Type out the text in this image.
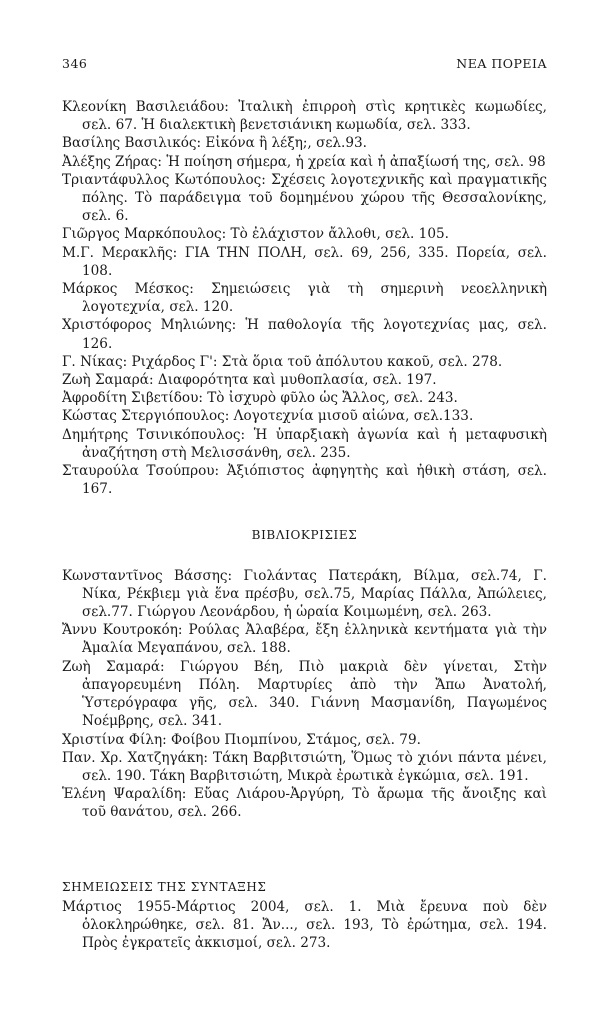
346	ΝΕΑ ΠΟΡΕΙΑ
Κλεονίκη Βασιλειάδου: Ἰταλικὴ ἐπιρροὴ στὶς κρητικὲς κωμωδίες, σελ. 67. Ἡ διαλεκτικὴ βενετσιάνικη κωμωδία, σελ. 333.
Βασίλης Βασιλικός: Εἰκόνα ἢ λέξη;, σελ.93.
Ἀλέξης Ζήρας: Ἡ ποίηση σήμερα, ἡ χρεία καὶ ἡ ἀπαξίωσή της, σελ. 98
Τριαντάφυλλος Κωτόπουλος: Σχέσεις λογοτεχνικῆς καὶ πραγματικῆς πόλης. Τὸ παράδειγμα τοῦ δομημένου χώρου τῆς Θεσσαλονίκης, σελ. 6.
Γιῶργος Μαρκόπουλος: Τὸ ἐλάχιστον ἄλλοθι, σελ. 105.
Μ.Γ. Μερακλῆς: ΓΙΑ ΤΗΝ ΠΟΛΗ, σελ. 69, 256, 335. Πορεία, σελ. 108.
Μάρκος Μέσκος: Σημειώσεις γιὰ τὴ σημερινὴ νεοελληνικὴ λογοτεχνία, σελ. 120.
Χριστόφορος Μηλιώνης: Ἡ παθολογία τῆς λογοτεχνίας μας, σελ. 126.
Γ. Νίκας: Ριχάρδος Γ': Στὰ ὅρια τοῦ ἀπόλυτου κακοῦ, σελ. 278.
Ζωὴ Σαμαρά: Διαφορότητα καὶ μυθοπλασία, σελ. 197.
Ἀφροδίτη Σιβετίδου: Τὸ ἰσχυρὸ φῦλο ὡς Ἄλλος, σελ. 243.
Κώστας Στεργιόπουλος: Λογοτεχνία μισοῦ αἰώνα, σελ.133.
Δημήτρης Τσινικόπουλος: Ἡ ὑπαρξιακὴ ἀγωνία καὶ ἡ μεταφυσικὴ ἀναζήτηση στὴ Μελισσάνθη, σελ. 235.
Σταυρούλα Τσούπρου: Ἀξιόπιστος ἀφηγητὴς καὶ ἠθικὴ στάση, σελ. 167.
ΒΙΒΛΙΟΚΡΙΣΙΕΣ
Κωνσταντῖνος Βάσσης: Γιολάντας Πατεράκη, Βίλμα, σελ.74, Γ. Νίκα, Ρέκβιεμ γιὰ ἕνα πρέσβυ, σελ.75, Μαρίας Πάλλα, Ἀπώλειες, σελ.77. Γιώργου Λεονάρδου, ἡ ὡραία Κοιμωμένη, σελ. 263.
Ἄννυ Κουτροκόη: Ρούλας Ἀλαβέρα, ἔξη ἑλληνικὰ κεντήματα γιὰ τὴν Ἀμαλία Μεγαπάνου, σελ. 188.
Ζωὴ Σαμαρά: Γιώργου Βέη, Πιὸ μακριὰ δὲν γίνεται, Στὴν ἀπαγορευμένη Πόλη. Μαρτυρίες ἀπὸ τὴν Ἄπω Ἀνατολή, Ὑστερόγραφα γῆς, σελ. 340. Γιάννη Μασμανίδη, Παγωμένος Νοέμβρης, σελ. 341.
Χριστίνα Φίλη: Φοίβου Πιομπίνου, Στάμος, σελ. 79.
Παν. Χρ. Χατζηγάκη: Τάκη Βαρβιτσιώτη, Ὅμως τὸ χιόνι πάντα μένει, σελ. 190. Τάκη Βαρβιτσιώτη, Μικρὰ ἐρωτικὰ ἐγκώμια, σελ. 191.
Ἑλένη Ψαραλίδη: Εὔας Λιάρου-Ἀργύρη, Τὸ ἄρωμα τῆς ἄνοιξης καὶ τοῦ θανάτου, σελ. 266.
ΣΗΜΕΙΩΣΕΙΣ ΤΗΣ ΣΥΝΤΑΞΗΣ
Μάρτιος 1955-Μάρτιος 2004, σελ. 1. Μιὰ ἔρευνα ποὺ δὲν ὁλοκληρώθηκε, σελ. 81. Ἄν..., σελ. 193, Τὸ ἐρώτημα, σελ. 194. Πρὸς ἐγκρατεῖς ἀκκισμοί, σελ. 273.
